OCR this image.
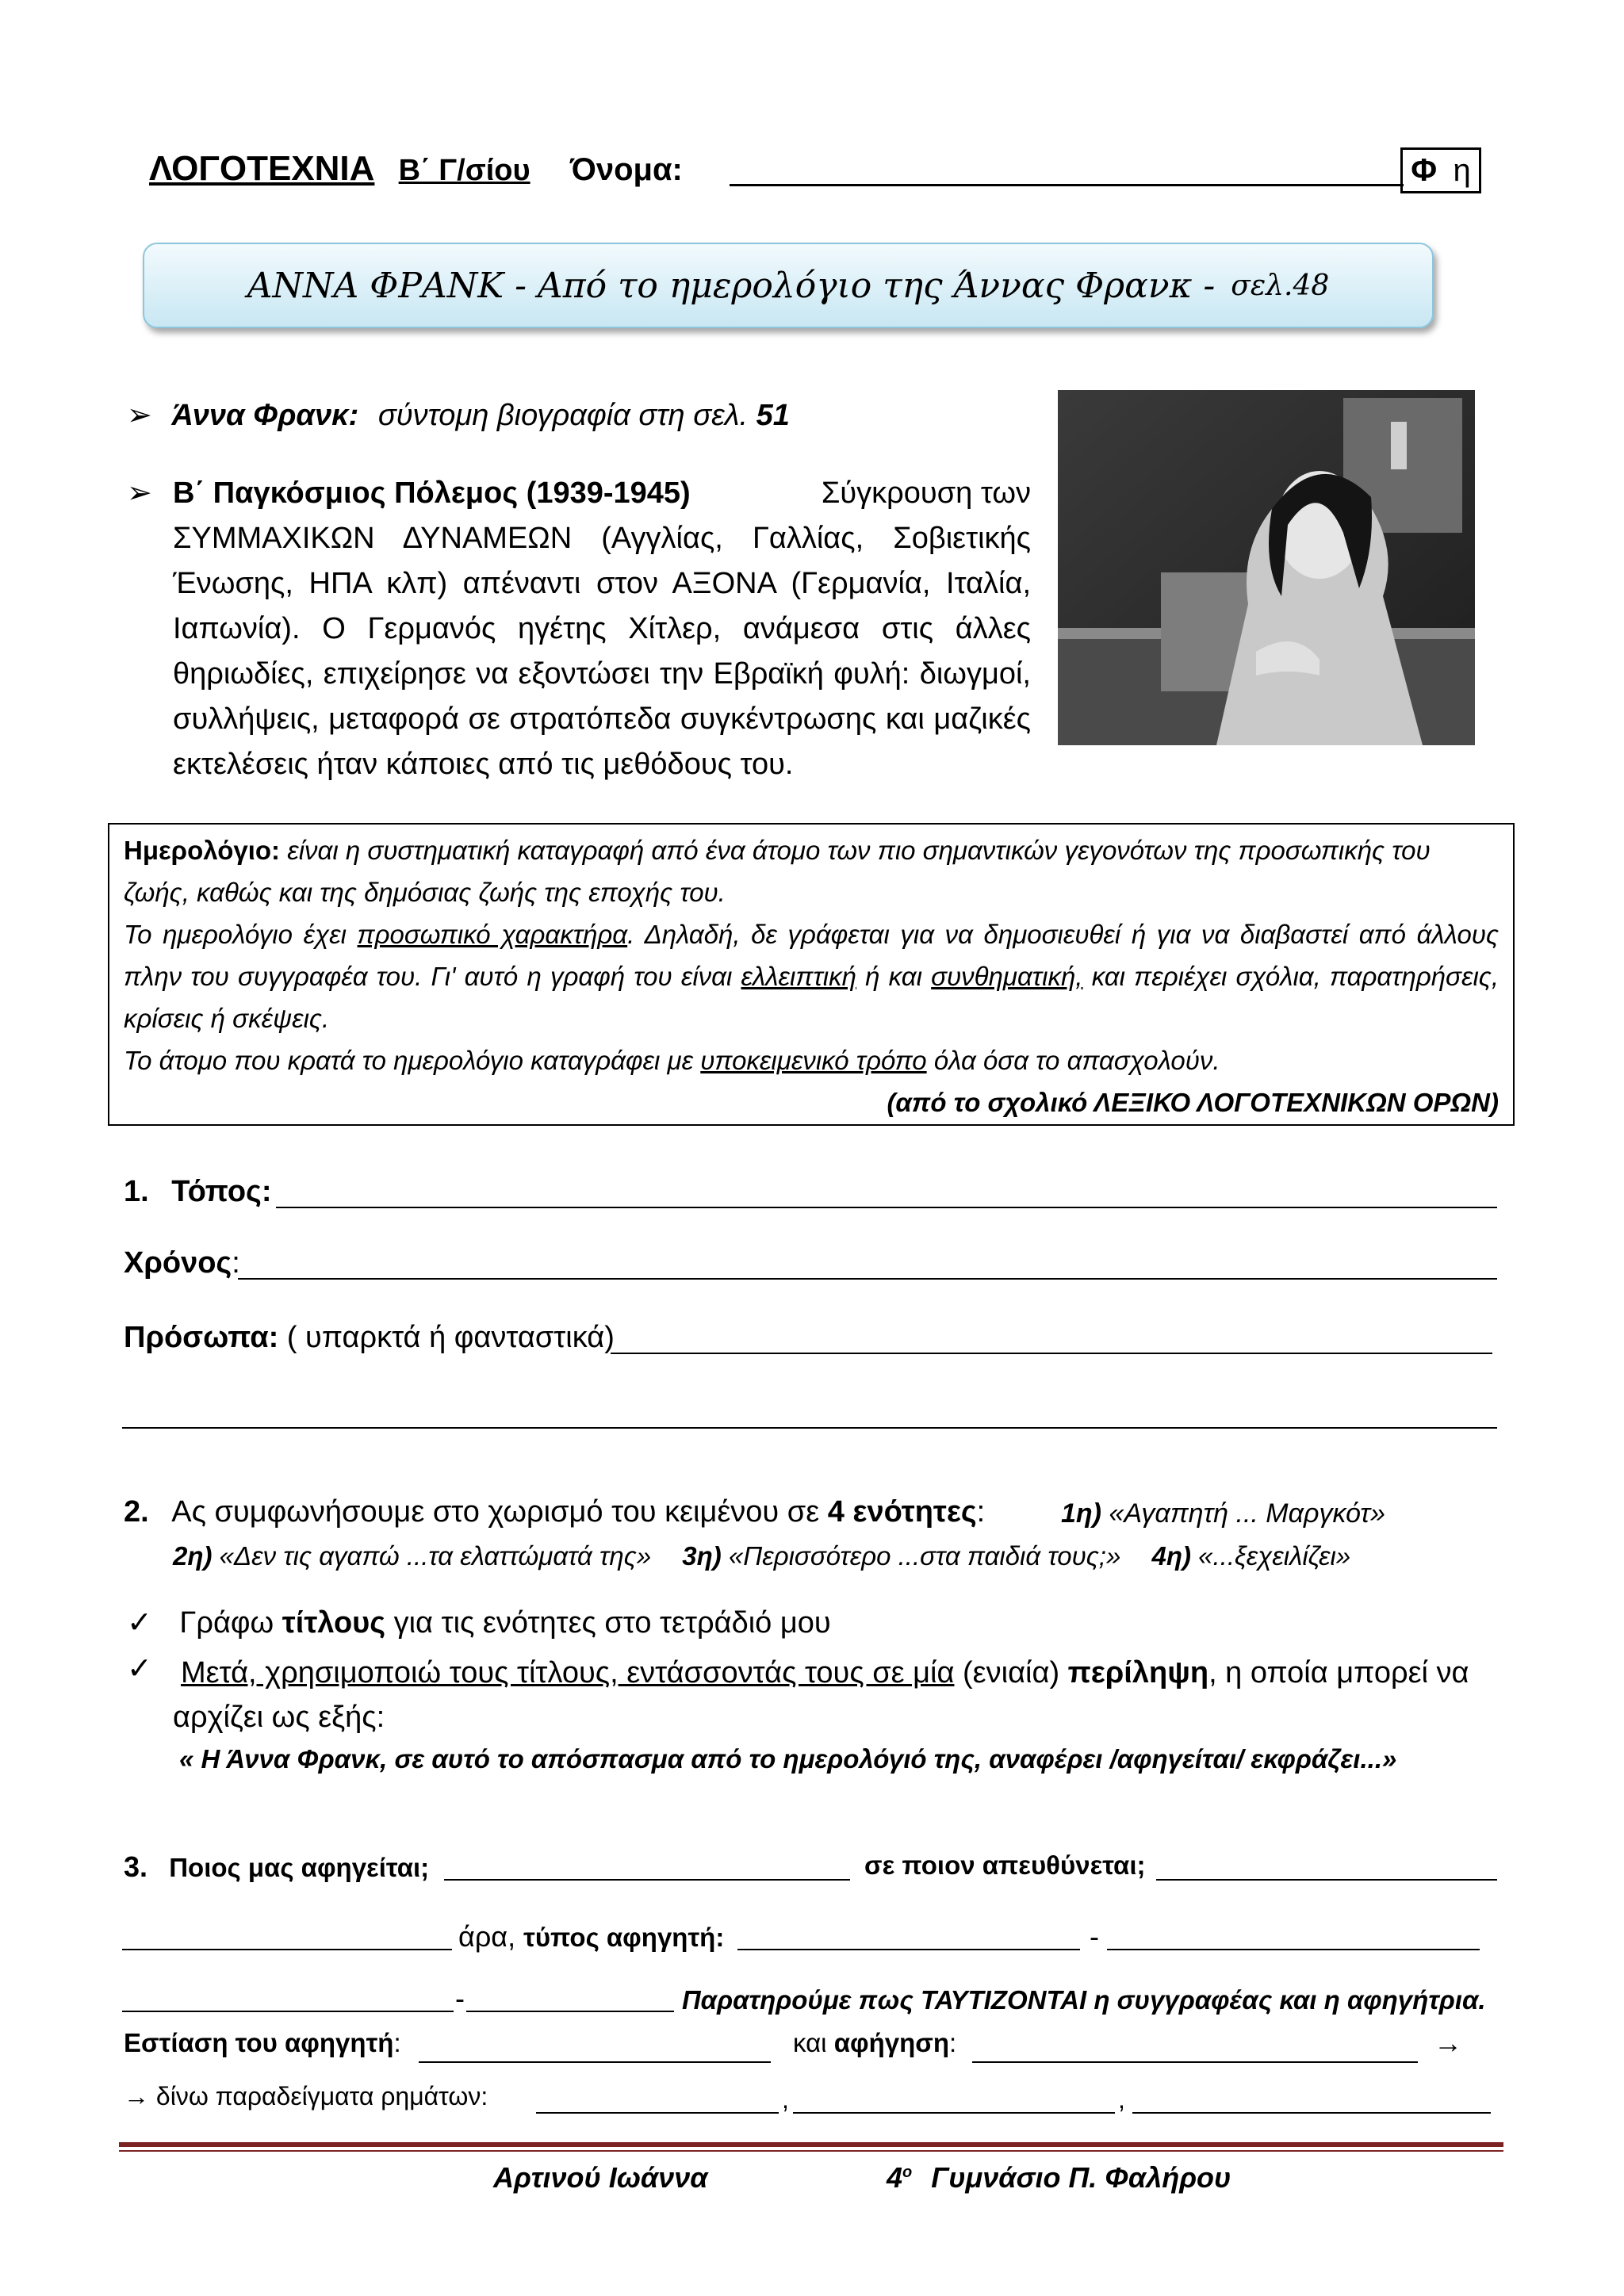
ΛΟΓΟΤΕΧΝΙΑ Β΄ Γ/σίου Όνομα:	Φ η
ΑΝΝΑ ΦΡΑΝΚ - Από το ημερολόγιο της Άννας Φρανκ - σελ.48
➢ Άννα Φρανκ: σύντομη βιογραφία στη σελ. 51
➢ Β΄ Παγκόσμιος Πόλεμος (1939-1945)	Σύγκρουση των
ΣΥΜΜΑΧΙΚΩΝ ΔΥΝΑΜΕΩΝ (Αγγλίας, Γαλλίας, Σοβιετικής Ένωσης, ΗΠΑ κλπ) απέναντι στον ΑΞΟΝΑ (Γερμανία, Ιταλία, Ιαπωνία). Ο Γερμανός ηγέτης Χίτλερ, ανάμεσα στις άλλες θηριωδίες, επιχείρησε να εξοντώσει την Εβραϊκή φυλή: διωγμοί, συλλήψεις, μεταφορά σε στρατόπεδα συγκέντρωσης και μαζικές εκτελέσεις ήταν κάποιες από τις μεθόδους του.
Ημερολόγιο: είναι η συστηματική καταγραφή από ένα άτομο των πιο σημαντικών γεγονότων της προσωπικής του ζωής, καθώς και της δημόσιας ζωής της εποχής του.
Το ημερολόγιο έχει προσωπικό χαρακτήρα. Δηλαδή, δε γράφεται για να δημοσιευθεί ή για να διαβαστεί από άλλους πλην του συγγραφέα του. Γι' αυτό η γραφή του είναι ελλειπτική ή και συνθηματική, και περιέχει σχόλια, παρατηρήσεις, κρίσεις ή σκέψεις.
Το άτομο που κρατά το ημερολόγιο καταγράφει με υποκειμενικό τρόπο όλα όσα το απασχολούν.
(από το σχολικό ΛΕΞΙΚΟ ΛΟΓΟΤΕΧΝΙΚΩΝ ΟΡΩΝ)
1. Τόπος:
Χρόνος:
Πρόσωπα: ( υπαρκτά ή φανταστικά)
2. Ας συμφωνήσουμε στο χωρισμό του κειμένου σε 4 ενότητες:	1η) «Αγαπητή ... Μαργκότ»
2η) «Δεν τις αγαπώ ...τα ελαττώματά της» 3η) «Περισσότερο ...στα παιδιά τους;» 4η) «...ξεχειλίζει»
✓ Γράφω τίτλους για τις ενότητες στο τετράδιό μου
✓ Μετά, χρησιμοποιώ τους τίτλους, εντάσσοντάς τους σε μία (ενιαία) περίληψη, η οποία μπορεί να αρχίζει ως εξής:
« Η Άννα Φρανκ, σε αυτό το απόσπασμα από το ημερολόγιό της, αναφέρει /αφηγείται/ εκφράζει...»
3. Ποιος μας αφηγείται;	σε ποιον απευθύνεται;
άρα, τύπος αφηγητή:	-
-	Παρατηρούμε πως ΤΑΥΤΙΖΟΝΤΑΙ η συγγραφέας και η αφηγήτρια.
Εστίαση του αφηγητή:	και αφήγηση:	→
→ δίνω παραδείγματα ρημάτων:	,	,
Αρτινού Ιωάννα	$4^o$ Γυμνάσιο Π. Φαλήρου
